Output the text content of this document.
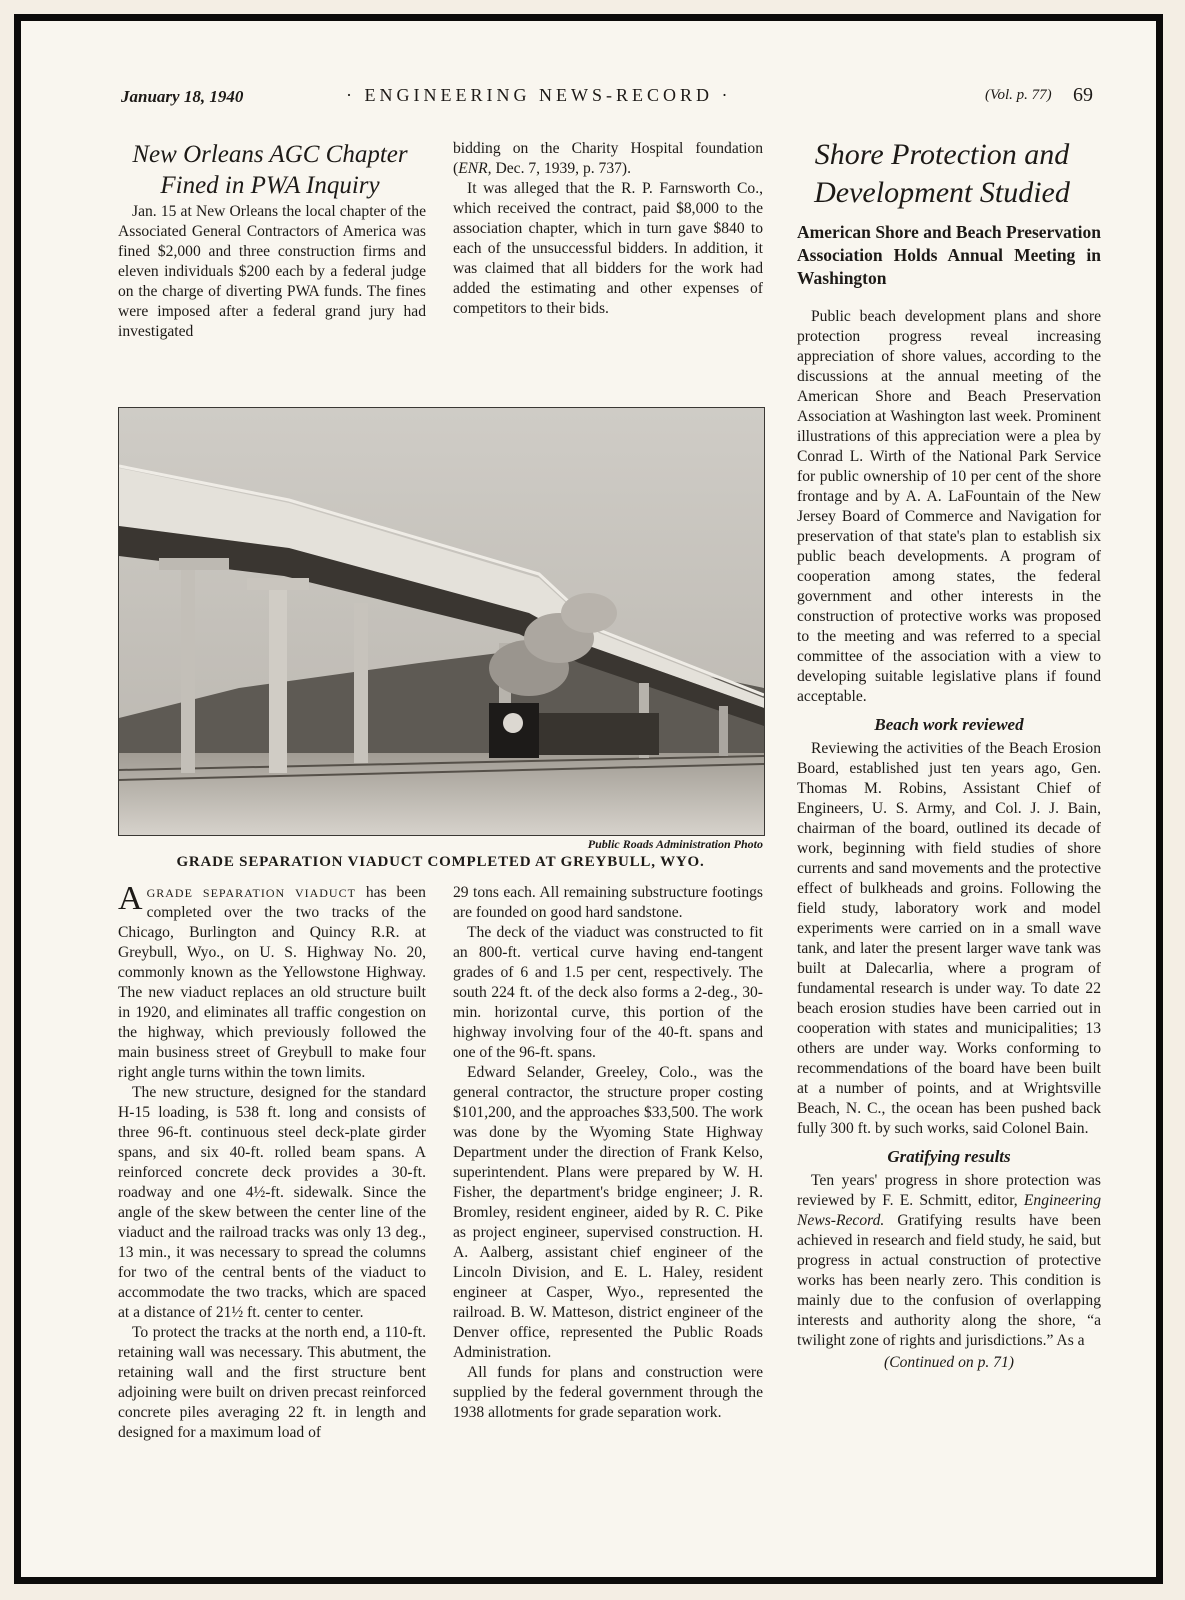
January 18, 1940	· ENGINEERING NEWS-RECORD ·	(Vol. p. 77) 69
New Orleans AGC Chapter
Fined in PWA Inquiry

Jan. 15 at New Orleans the local chapter of the Associated General Contractors of America was fined $2,000 and three construction firms and eleven individuals $200 each by a federal judge on the charge of diverting PWA funds. The fines were imposed after a federal grand jury had investigated

bidding on the Charity Hospital foundation (ENR, Dec. 7, 1939, p. 737).

It was alleged that the R. P. Farnsworth Co., which received the contract, paid $8,000 to the association chapter, which in turn gave $840 to each of the unsuccessful bidders. In addition, it was claimed that all bidders for the work had added the estimating and other expenses of competitors to their bids.

Public Roads Administration Photo
GRADE SEPARATION VIADUCT COMPLETED AT GREYBULL, WYO.

AGRADE SEPARATION VIADUCT has been completed over the two tracks of the Chicago, Burlington and Quincy R.R. at Greybull, Wyo., on U. S. Highway No. 20, commonly known as the Yellowstone Highway. The new viaduct replaces an old structure built in 1920, and eliminates all traffic congestion on the highway, which previously followed the main business street of Greybull to make four right angle turns within the town limits.

The new structure, designed for the standard H-15 loading, is 538 ft. long and consists of three 96-ft. continuous steel deck-plate girder spans, and six 40-ft. rolled beam spans. A reinforced concrete deck provides a 30-ft. roadway and one 4½-ft. sidewalk. Since the angle of the skew between the center line of the viaduct and the railroad tracks was only 13 deg., 13 min., it was necessary to spread the columns for two of the central bents of the viaduct to accommodate the two tracks, which are spaced at a distance of 21½ ft. center to center.

To protect the tracks at the north end, a 110-ft. retaining wall was necessary. This abutment, the retaining wall and the first structure bent adjoining were built on driven precast reinforced concrete piles averaging 22 ft. in length and designed for a maximum load of

29 tons each. All remaining substructure footings are founded on good hard sandstone.

The deck of the viaduct was constructed to fit an 800-ft. vertical curve having end-tangent grades of 6 and 1.5 per cent, respectively. The south 224 ft. of the deck also forms a 2-deg., 30-min. horizontal curve, this portion of the highway involving four of the 40-ft. spans and one of the 96-ft. spans.

Edward Selander, Greeley, Colo., was the general contractor, the structure proper costing $101,200, and the approaches $33,500. The work was done by the Wyoming State Highway Department under the direction of Frank Kelso, superintendent. Plans were prepared by W. H. Fisher, the department's bridge engineer; J. R. Bromley, resident engineer, aided by R. C. Pike as project engineer, supervised construction. H. A. Aalberg, assistant chief engineer of the Lincoln Division, and E. L. Haley, resident engineer at Casper, Wyo., represented the railroad. B. W. Matteson, district engineer of the Denver office, represented the Public Roads Administration.

All funds for plans and construction were supplied by the federal government through the 1938 allotments for grade separation work.

Shore Protection and
Development Studied
American Shore and Beach Preservation Association Holds Annual Meeting in Washington

Public beach development plans and shore protection progress reveal increasing appreciation of shore values, according to the discussions at the annual meeting of the American Shore and Beach Preservation Association at Washington last week. Prominent illustrations of this appreciation were a plea by Conrad L. Wirth of the National Park Service for public ownership of 10 per cent of the shore frontage and by A. A. LaFountain of the New Jersey Board of Commerce and Navigation for preservation of that state's plan to establish six public beach developments. A program of cooperation among states, the federal government and other interests in the construction of protective works was proposed to the meeting and was referred to a special committee of the association with a view to developing suitable legislative plans if found acceptable.

Beach work reviewed

Reviewing the activities of the Beach Erosion Board, established just ten years ago, Gen. Thomas M. Robins, Assistant Chief of Engineers, U. S. Army, and Col. J. J. Bain, chairman of the board, outlined its decade of work, beginning with field studies of shore currents and sand movements and the protective effect of bulkheads and groins. Following the field study, laboratory work and model experiments were carried on in a small wave tank, and later the present larger wave tank was built at Dalecarlia, where a program of fundamental research is under way. To date 22 beach erosion studies have been carried out in cooperation with states and municipalities; 13 others are under way. Works conforming to recommendations of the board have been built at a number of points, and at Wrightsville Beach, N. C., the ocean has been pushed back fully 300 ft. by such works, said Colonel Bain.

Gratifying results

Ten years' progress in shore protection was reviewed by F. E. Schmitt, editor, Engineering News-Record. Gratifying results have been achieved in research and field study, he said, but progress in actual construction of protective works has been nearly zero. This condition is mainly due to the confusion of overlapping interests and authority along the shore, “a twilight zone of rights and jurisdictions.” As a

(Continued on p. 71)
